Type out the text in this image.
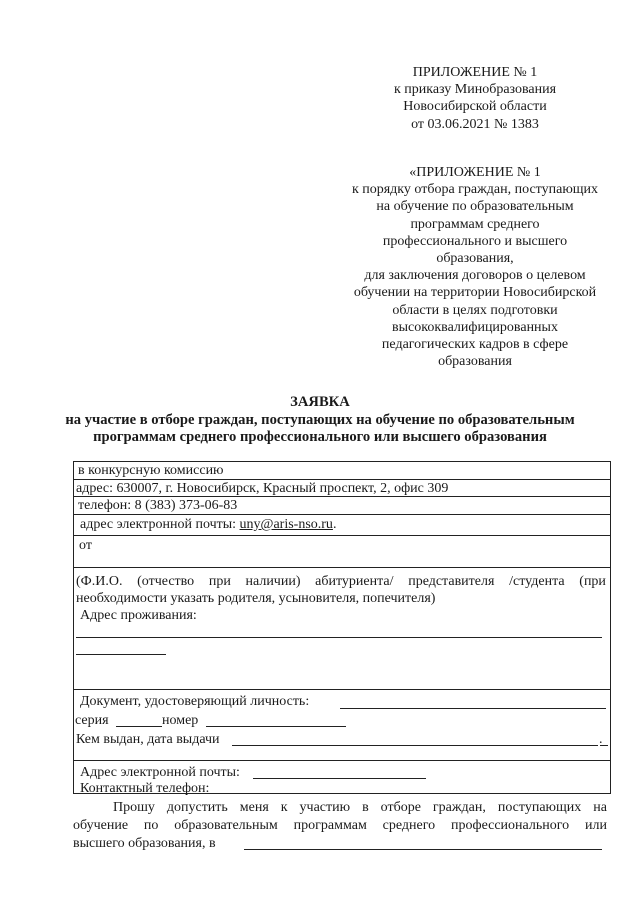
ПРИЛОЖЕНИЕ № 1
к приказу Минобразования
Новосибирской области
от 03.06.2021 № 1383
«ПРИЛОЖЕНИЕ № 1
к порядку отбора граждан, поступающих
на обучение по образовательным
программам среднего
профессионального и высшего
образования,
для заключения договоров о целевом
обучении на территории Новосибирской
области в целях подготовки
высококвалифицированных
педагогических кадров в сфере
образования
ЗАЯВКА
на участие в отборе граждан, поступающих на обучение по образовательным
программам среднего профессионального или высшего образования
в конкурсную комиссию
адрес: 630007, г. Новосибирск, Красный проспект, 2, офис 309
телефон: 8 (383) 373-06-83
адрес электронной почты: uny@aris-nso.ru.
от
(Ф.И.О. (отчество при наличии) абитуриента/ представителя /студента (при
необходимости указать родителя, усыновителя, попечителя)
Адрес проживания:
Документ, удостоверяющий личность:
серия	номер
Кем выдан, дата выдачи	.
Адрес электронной почты:
Контактный телефон:
Прошу допустить меня к участию в отборе граждан, поступающих на
обучение по образовательным программам среднего профессионального или
высшего образования, в
